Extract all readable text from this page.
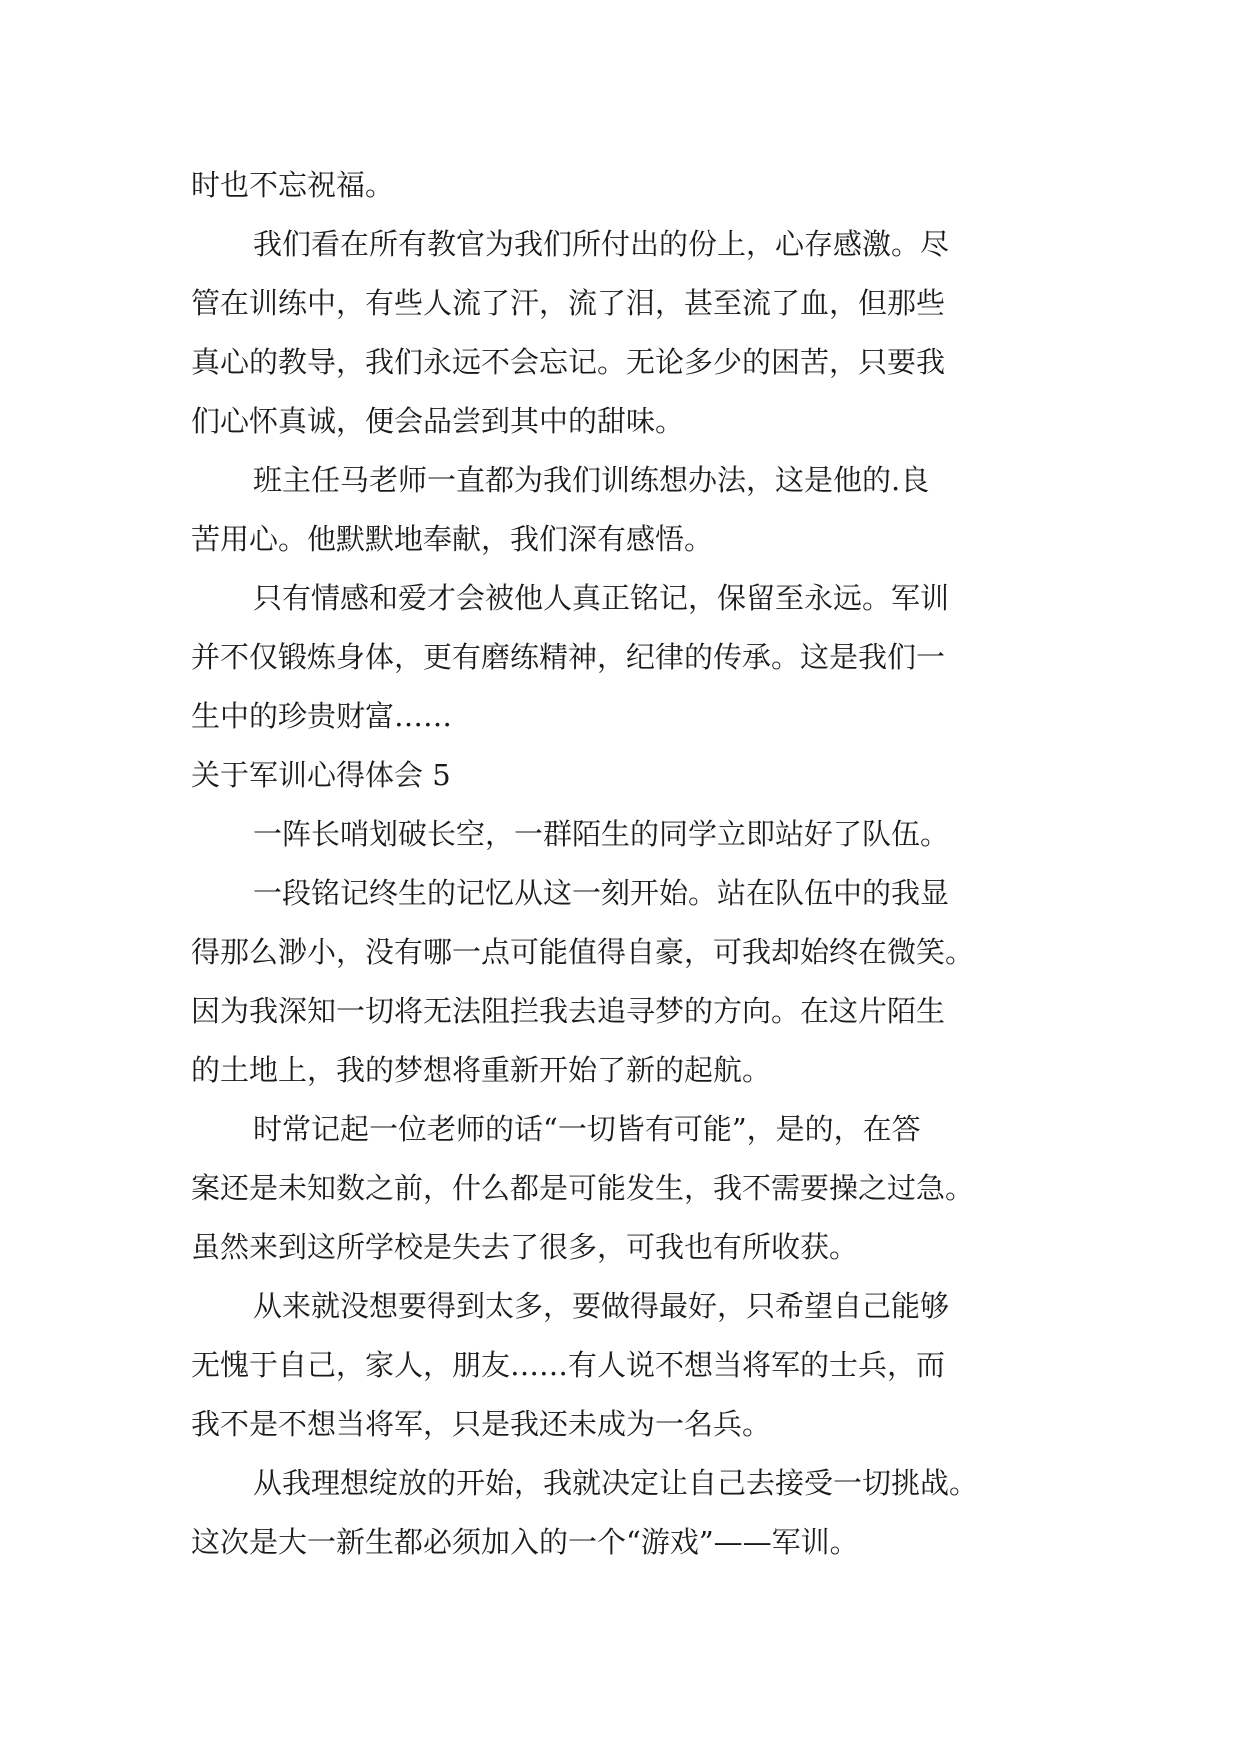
时也不忘祝福。
我们看在所有教官为我们所付出的份上，心存感激。尽
管在训练中，有些人流了汗，流了泪，甚至流了血，但那些
真心的教导，我们永远不会忘记。无论多少的困苦，只要我
们心怀真诚，便会品尝到其中的甜味。
班主任马老师一直都为我们训练想办法，这是他的.良
苦用心。他默默地奉献，我们深有感悟。
只有情感和爱才会被他人真正铭记，保留至永远。军训
并不仅锻炼身体，更有磨练精神，纪律的传承。这是我们一
生中的珍贵财富……
关于军训心得体会 5
一阵长哨划破长空，一群陌生的同学立即站好了队伍。
一段铭记终生的记忆从这一刻开始。站在队伍中的我显
得那么渺小，没有哪一点可能值得自豪，可我却始终在微笑。
因为我深知一切将无法阻拦我去追寻梦的方向。在这片陌生
的土地上，我的梦想将重新开始了新的起航。
时常记起一位老师的话“一切皆有可能”，是的，在答
案还是未知数之前，什么都是可能发生，我不需要操之过急。
虽然来到这所学校是失去了很多，可我也有所收获。
从来就没想要得到太多，要做得最好，只希望自己能够
无愧于自己，家人，朋友……有人说不想当将军的士兵，而
我不是不想当将军，只是我还未成为一名兵。
从我理想绽放的开始，我就决定让自己去接受一切挑战。
这次是大一新生都必须加入的一个“游戏”——军训。
